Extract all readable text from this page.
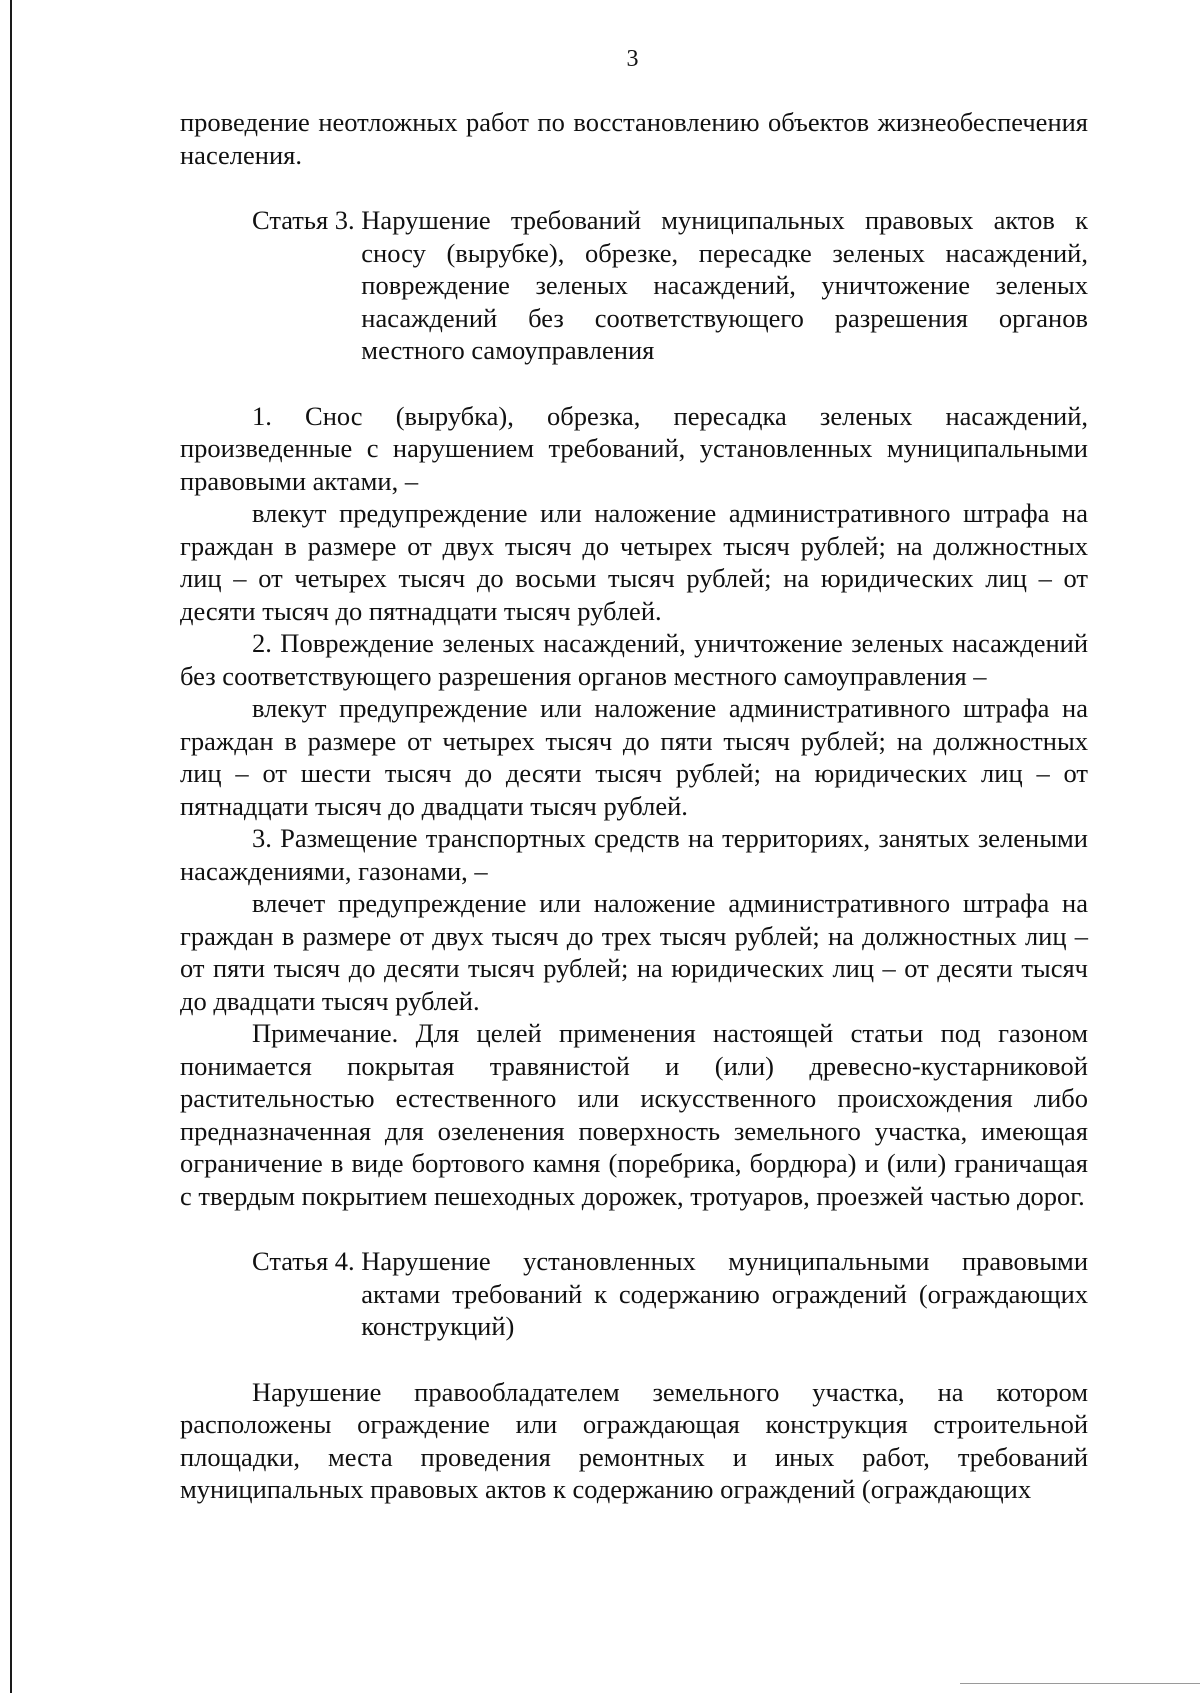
3

проведение неотложных работ по восстановлению объектов жизнеобеспечения населения.

Статья 3. Нарушение требований муниципальных правовых актов к сносу (вырубке), обрезке, пересадке зеленых насаждений, повреждение зеленых насаждений, уничтожение зеленых насаждений без соответствующего разрешения органов местного самоуправления

1. Снос (вырубка), обрезка, пересадка зеленых насаждений, произведенные с нарушением требований, установленных муниципальными правовыми актами, –

влекут предупреждение или наложение административного штрафа на граждан в размере от двух тысяч до четырех тысяч рублей; на должностных лиц – от четырех тысяч до восьми тысяч рублей; на юридических лиц – от десяти тысяч до пятнадцати тысяч рублей.

2. Повреждение зеленых насаждений, уничтожение зеленых насаждений без соответствующего разрешения органов местного самоуправления –

влекут предупреждение или наложение административного штрафа на граждан в размере от четырех тысяч до пяти тысяч рублей; на должностных лиц – от шести тысяч до десяти тысяч рублей; на юридических лиц – от пятнадцати тысяч до двадцати тысяч рублей.

3. Размещение транспортных средств на территориях, занятых зелеными насаждениями, газонами, –

влечет предупреждение или наложение административного штрафа на граждан в размере от двух тысяч до трех тысяч рублей; на должностных лиц – от пяти тысяч до десяти тысяч рублей; на юридических лиц – от десяти тысяч до двадцати тысяч рублей.

Примечание. Для целей применения настоящей статьи под газоном понимается покрытая травянистой и (или) древесно-кустарниковой растительностью естественного или искусственного происхождения либо предназначенная для озеленения поверхность земельного участка, имеющая ограничение в виде бортового камня (поребрика, бордюра) и (или) граничащая с твердым покрытием пешеходных дорожек, тротуаров, проезжей частью дорог.

Статья 4. Нарушение установленных муниципальными правовыми актами требований к содержанию ограждений (ограждающих конструкций)

Нарушение правообладателем земельного участка, на котором расположены ограждение или ограждающая конструкция строительной площадки, места проведения ремонтных и иных работ, требований муниципальных правовых актов к содержанию ограждений (ограждающих
